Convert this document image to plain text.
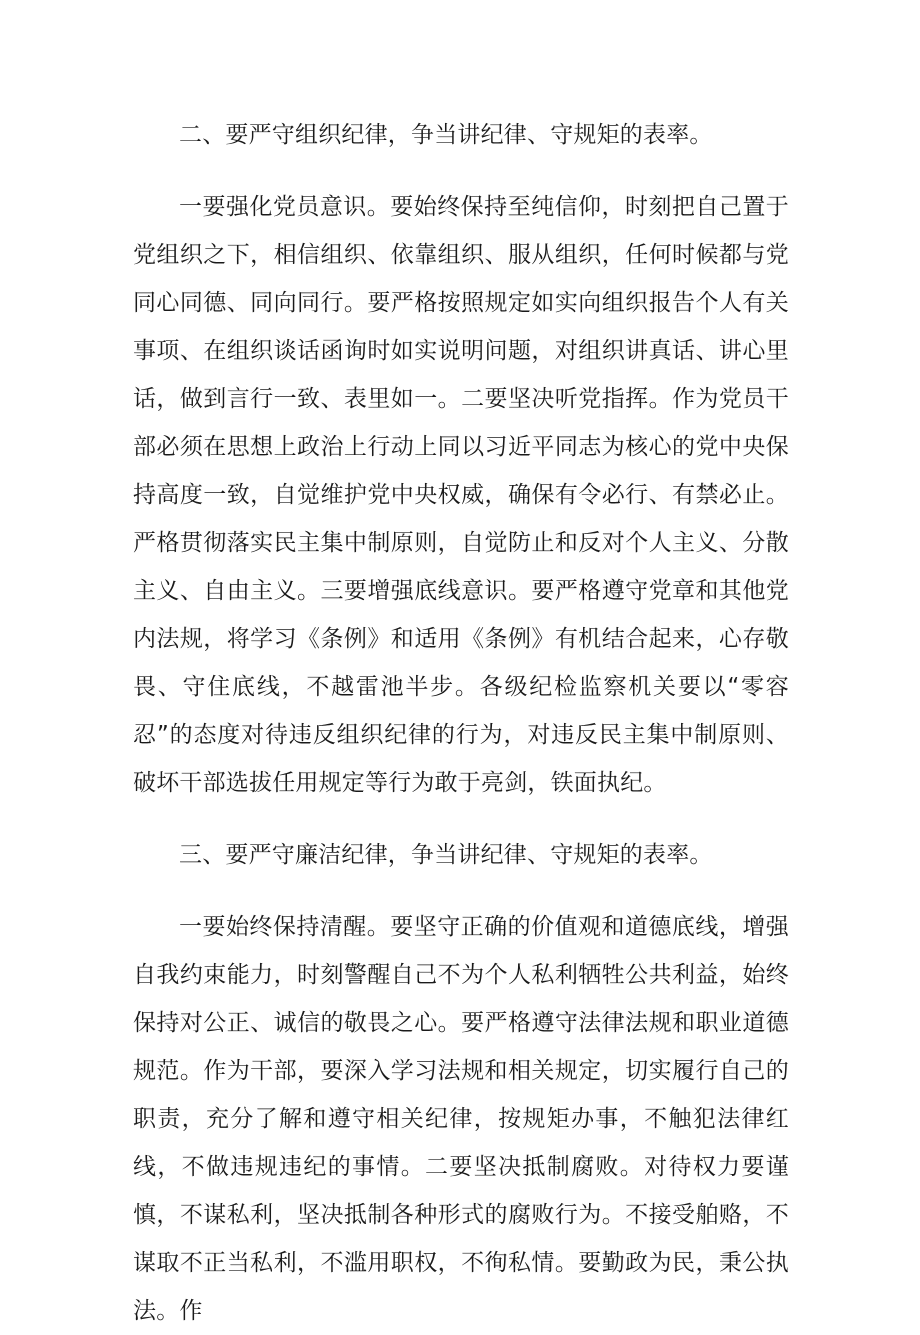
二、要严守组织纪律，争当讲纪律、守规矩的表率。

一要强化党员意识。要始终保持至纯信仰，时刻把自己置于党组织之下，相信组织、依靠组织、服从组织，任何时候都与党同心同德、同向同行。要严格按照规定如实向组织报告个人有关事项、在组织谈话函询时如实说明问题，对组织讲真话、讲心里话，做到言行一致、表里如一。二要坚决听党指挥。作为党员干部必须在思想上政治上行动上同以习近平同志为核心的党中央保持高度一致，自觉维护党中央权威，确保有令必行、有禁必止。严格贯彻落实民主集中制原则，自觉防止和反对个人主义、分散主义、自由主义。三要增强底线意识。要严格遵守党章和其他党内法规，将学习《条例》和适用《条例》有机结合起来，心存敬畏、守住底线，不越雷池半步。各级纪检监察机关要以“零容忍”的态度对待违反组织纪律的行为，对违反民主集中制原则、破坏干部选拔任用规定等行为敢于亮剑，铁面执纪。

三、要严守廉洁纪律，争当讲纪律、守规矩的表率。

一要始终保持清醒。要坚守正确的价值观和道德底线，增强自我约束能力，时刻警醒自己不为个人私利牺牲公共利益，始终保持对公正、诚信的敬畏之心。要严格遵守法律法规和职业道德规范。作为干部，要深入学习法规和相关规定，切实履行自己的职责，充分了解和遵守相关纪律，按规矩办事，不触犯法律红线，不做违规违纪的事情。二要坚决抵制腐败。对待权力要谨慎，不谋私利，坚决抵制各种形式的腐败行为。不接受舶赂，不谋取不正当私利，不滥用职权，不徇私情。要勤政为民，秉公执法。作
